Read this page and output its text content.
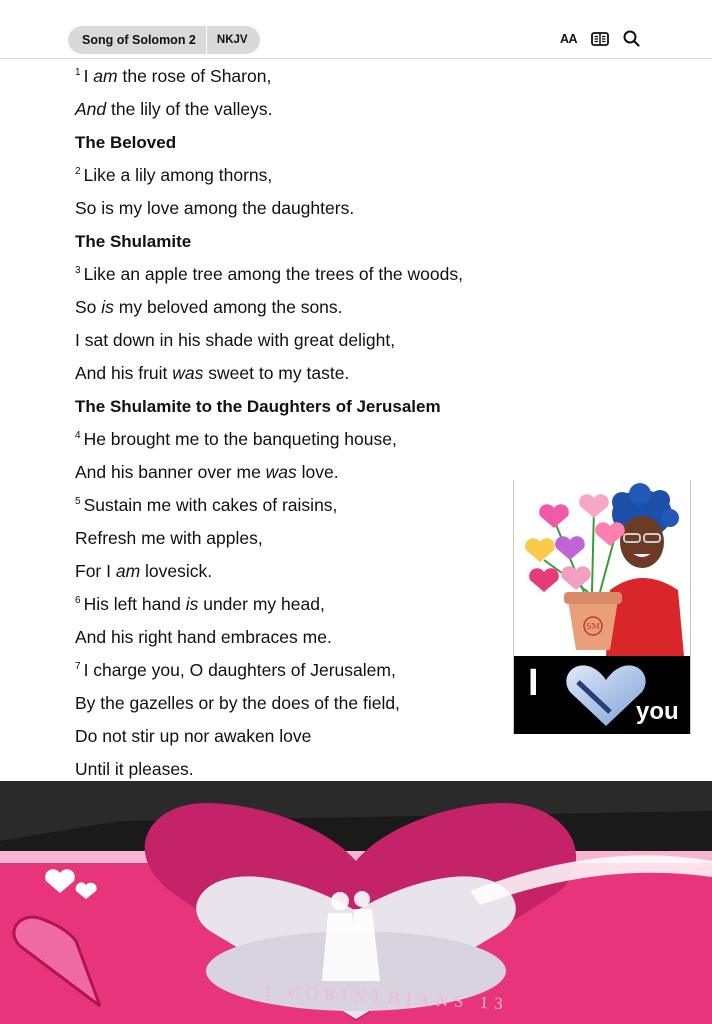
Song of Solomon 2	NKJV	AA
$^1$ I am the rose of Sharon,
And the lily of the valleys.
The Beloved
$^2$ Like a lily among thorns,
So is my love among the daughters.
The Shulamite
$^3$ Like an apple tree among the trees of the woods,
So is my beloved among the sons.
I sat down in his shade with great delight,
And his fruit was sweet to my taste.
The Shulamite to the Daughters of Jerusalem
$^4$ He brought me to the banqueting house,
And his banner over me was love.
$^5$ Sustain me with cakes of raisins,
Refresh me with apples,
For I am lovesick.
$^6$ His left hand is under my head,
And his right hand embraces me.
$^7$ I charge you, O daughters of Jerusalem,
By the gazelles or by the does of the field,
Do not stir up nor awaken love
Until it pleases.
SM
I
you
1 CORINTHIANS 13
